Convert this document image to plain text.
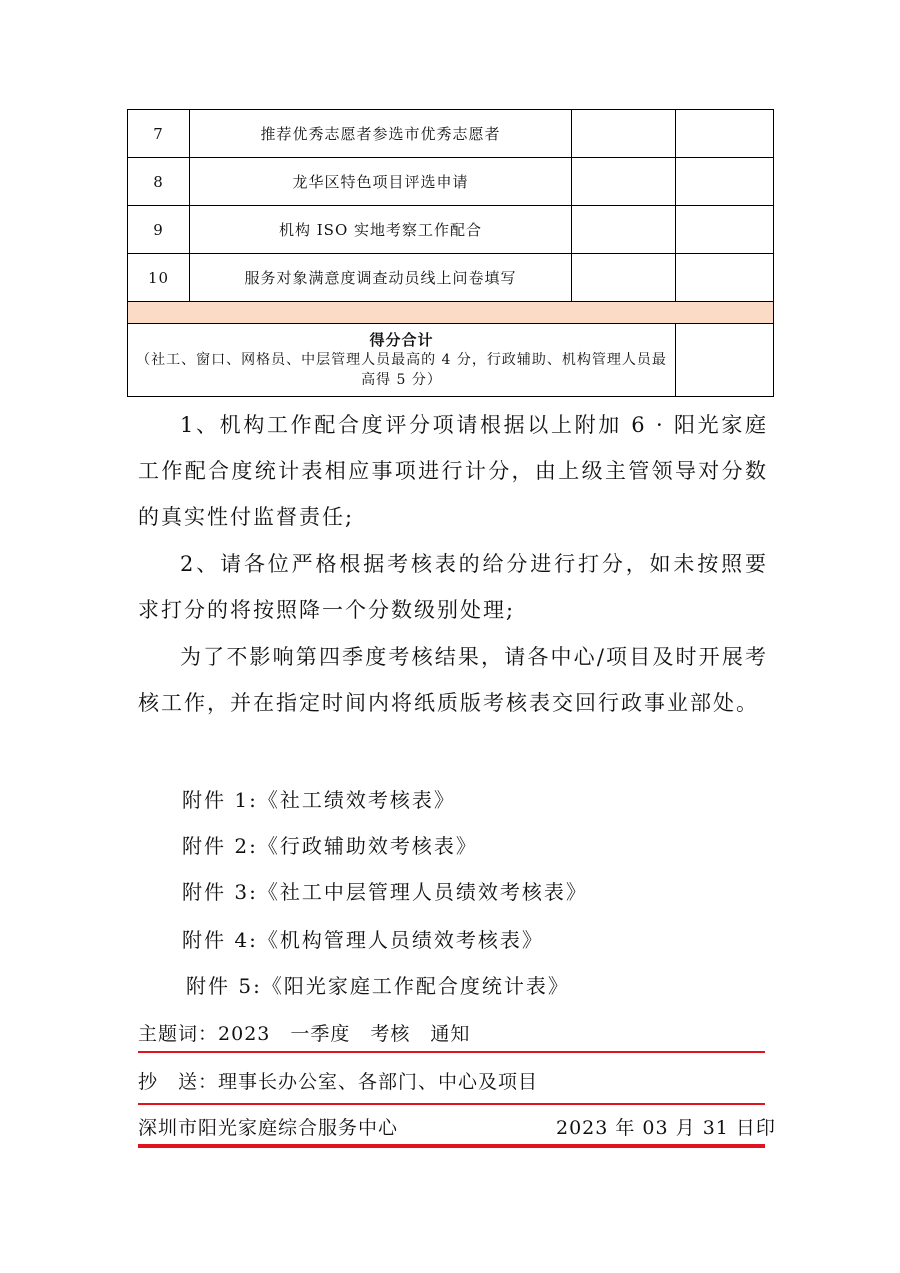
7	推荐优秀志愿者参选市优秀志愿者		
8	龙华区特色项目评选申请		
9	机构 ISO 实地考察工作配合		
10	服务对象满意度调查动员线上问卷填写		

得分合计
（社工、窗口、网格员、中层管理人员最高的 4 分，行政辅助、机构管理人员最高得 5 分）			

1、机构工作配合度评分项请根据以上附加 6 · 阳光家庭工作配合度统计表相应事项进行计分，由上级主管领导对分数的真实性付监督责任;
2、请各位严格根据考核表的给分进行打分，如未按照要求打分的将按照降一个分数级别处理;
为了不影响第四季度考核结果，请各中心/项目及时开展考核工作，并在指定时间内将纸质版考核表交回行政事业部处。
附件 1:《社工绩效考核表》
附件 2:《行政辅助效考核表》
附件 3:《社工中层管理人员绩效考核表》
附件 4:《机构管理人员绩效考核表》
附件 5:《阳光家庭工作配合度统计表》
主题词：2023　一季度　考核　通知
抄　送：理事长办公室、各部门、中心及项目
深圳市阳光家庭综合服务中心	2023 年 03 月 31 日印
